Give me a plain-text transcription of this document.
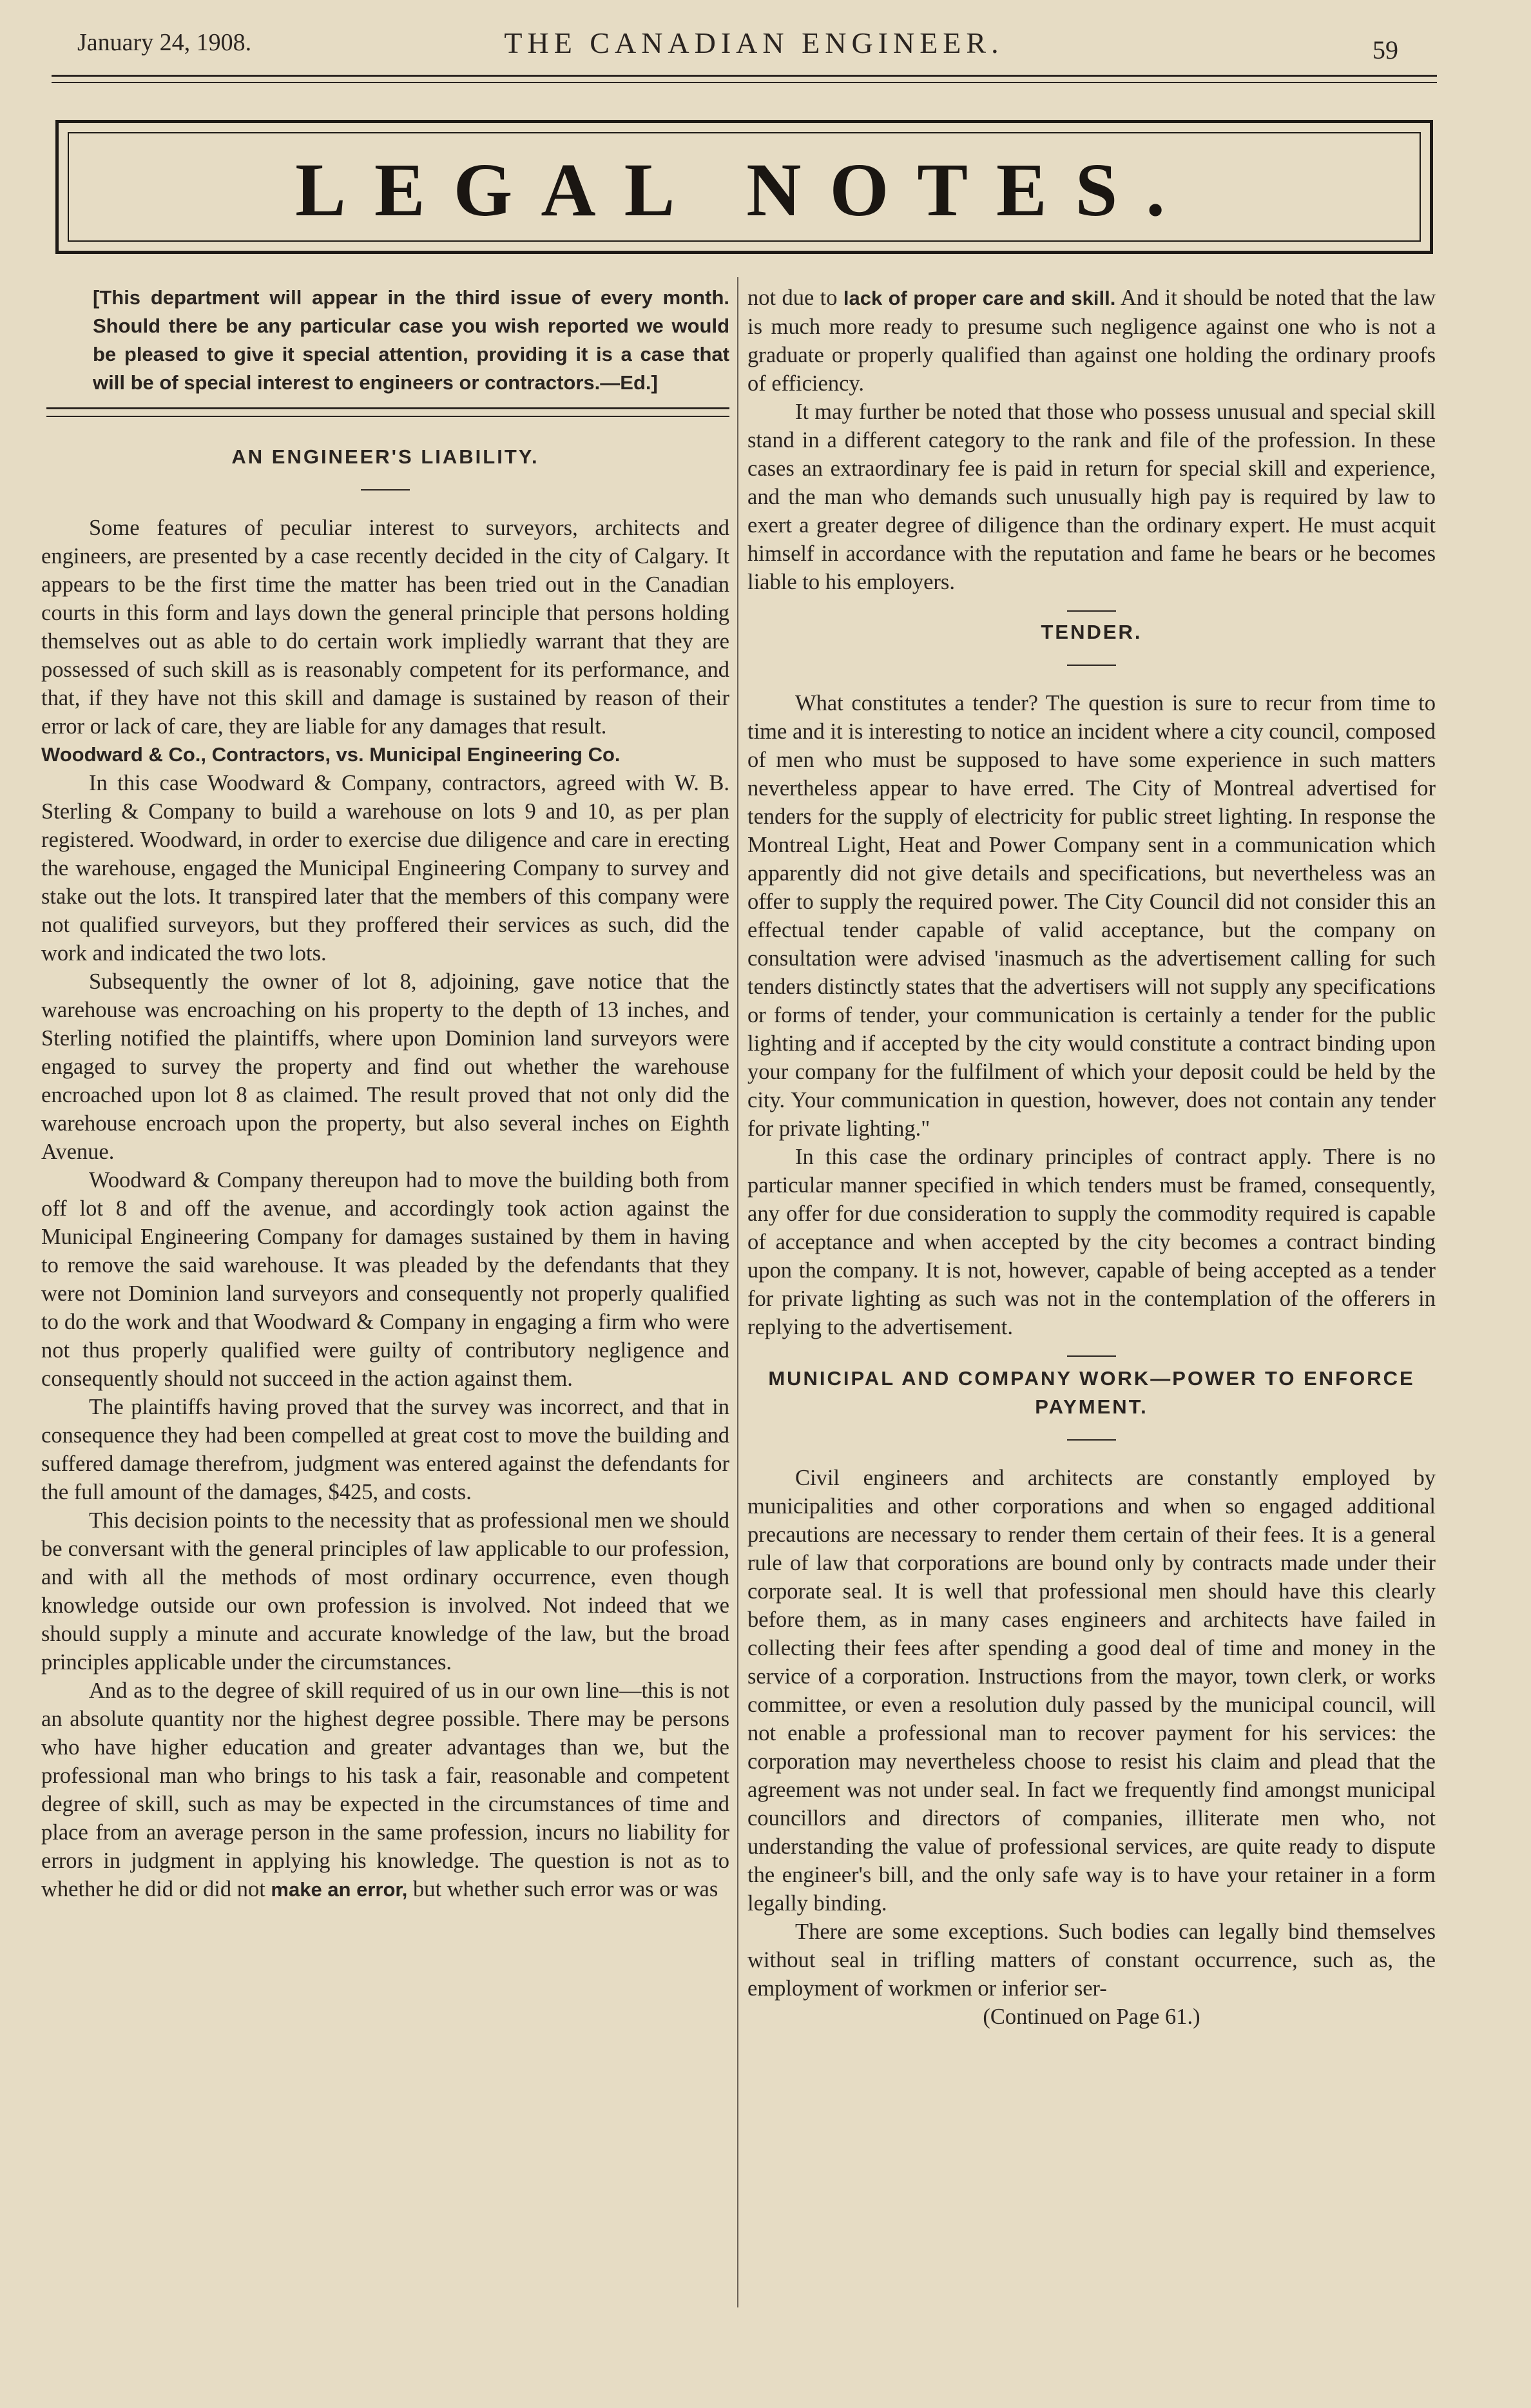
January 24, 1908.	THE CANADIAN ENGINEER.	59
LEGAL NOTES.

[This department will appear in the third issue of every month. Should there be any particular case you wish reported we would be pleased to give it special attention, providing it is a case that will be of special interest to engineers or contractors.—Ed.]

AN ENGINEER'S LIABILITY.

Some features of peculiar interest to surveyors, architects and engineers, are presented by a case recently decided in the city of Calgary. It appears to be the first time the matter has been tried out in the Canadian courts in this form and lays down the general principle that persons holding themselves out as able to do certain work impliedly warrant that they are possessed of such skill as is reasonably competent for its performance, and that, if they have not this skill and damage is sustained by reason of their error or lack of care, they are liable for any damages that result.

Woodward & Co., Contractors, vs. Municipal Engineering Co.

In this case Woodward & Company, contractors, agreed with W. B. Sterling & Company to build a warehouse on lots 9 and 10, as per plan registered. Woodward, in order to exercise due diligence and care in erecting the warehouse, engaged the Municipal Engineering Company to survey and stake out the lots. It transpired later that the members of this company were not qualified surveyors, but they proffered their services as such, did the work and indicated the two lots.

Subsequently the owner of lot 8, adjoining, gave notice that the warehouse was encroaching on his property to the depth of 13 inches, and Sterling notified the plaintiffs, where upon Dominion land surveyors were engaged to survey the property and find out whether the warehouse encroached upon lot 8 as claimed. The result proved that not only did the warehouse encroach upon the property, but also several inches on Eighth Avenue.

Woodward & Company thereupon had to move the building both from off lot 8 and off the avenue, and accordingly took action against the Municipal Engineering Company for damages sustained by them in having to remove the said warehouse. It was pleaded by the defendants that they were not Dominion land surveyors and consequently not properly qualified to do the work and that Woodward & Company in engaging a firm who were not thus properly qualified were guilty of contributory negligence and consequently should not succeed in the action against them.

The plaintiffs having proved that the survey was incorrect, and that in consequence they had been compelled at great cost to move the building and suffered damage therefrom, judgment was entered against the defendants for the full amount of the damages, $425, and costs.

This decision points to the necessity that as professional men we should be conversant with the general principles of law applicable to our profession, and with all the methods of most ordinary occurrence, even though knowledge outside our own profession is involved. Not indeed that we should supply a minute and accurate knowledge of the law, but the broad principles applicable under the circumstances.

And as to the degree of skill required of us in our own line—this is not an absolute quantity nor the highest degree possible. There may be persons who have higher education and greater advantages than we, but the professional man who brings to his task a fair, reasonable and competent degree of skill, such as may be expected in the circumstances of time and place from an average person in the same profession, incurs no liability for errors in judgment in applying his knowledge. The question is not as to whether he did or did not make an error, but whether such error was or was

not due to lack of proper care and skill. And it should be noted that the law is much more ready to presume such negligence against one who is not a graduate or properly qualified than against one holding the ordinary proofs of efficiency.

It may further be noted that those who possess unusual and special skill stand in a different category to the rank and file of the profession. In these cases an extraordinary fee is paid in return for special skill and experience, and the man who demands such unusually high pay is required by law to exert a greater degree of diligence than the ordinary expert. He must acquit himself in accordance with the reputation and fame he bears or he becomes liable to his employers.

TENDER.

What constitutes a tender? The question is sure to recur from time to time and it is interesting to notice an incident where a city council, composed of men who must be supposed to have some experience in such matters nevertheless appear to have erred. The City of Montreal advertised for tenders for the supply of electricity for public street lighting. In response the Montreal Light, Heat and Power Company sent in a communication which apparently did not give details and specifications, but nevertheless was an offer to supply the required power. The City Council did not consider this an effectual tender capable of valid acceptance, but the company on consultation were advised 'inasmuch as the advertisement calling for such tenders distinctly states that the advertisers will not supply any specifications or forms of tender, your communication is certainly a tender for the public lighting and if accepted by the city would constitute a contract binding upon your company for the fulfilment of which your deposit could be held by the city. Your communication in question, however, does not contain any tender for private lighting."

In this case the ordinary principles of contract apply. There is no particular manner specified in which tenders must be framed, consequently, any offer for due consideration to supply the commodity required is capable of acceptance and when accepted by the city becomes a contract binding upon the company. It is not, however, capable of being accepted as a tender for private lighting as such was not in the contemplation of the offerers in replying to the advertisement.

MUNICIPAL AND COMPANY WORK—POWER TO ENFORCE PAYMENT.

Civil engineers and architects are constantly employed by municipalities and other corporations and when so engaged additional precautions are necessary to render them certain of their fees. It is a general rule of law that corporations are bound only by contracts made under their corporate seal. It is well that professional men should have this clearly before them, as in many cases engineers and architects have failed in collecting their fees after spending a good deal of time and money in the service of a corporation. Instructions from the mayor, town clerk, or works committee, or even a resolution duly passed by the municipal council, will not enable a professional man to recover payment for his services: the corporation may nevertheless choose to resist his claim and plead that the agreement was not under seal. In fact we frequently find amongst municipal councillors and directors of companies, illiterate men who, not understanding the value of professional services, are quite ready to dispute the engineer's bill, and the only safe way is to have your retainer in a form legally binding.

There are some exceptions. Such bodies can legally bind themselves without seal in trifling matters of constant occurrence, such as, the employment of workmen or inferior ser-

(Continued on Page 61.)
